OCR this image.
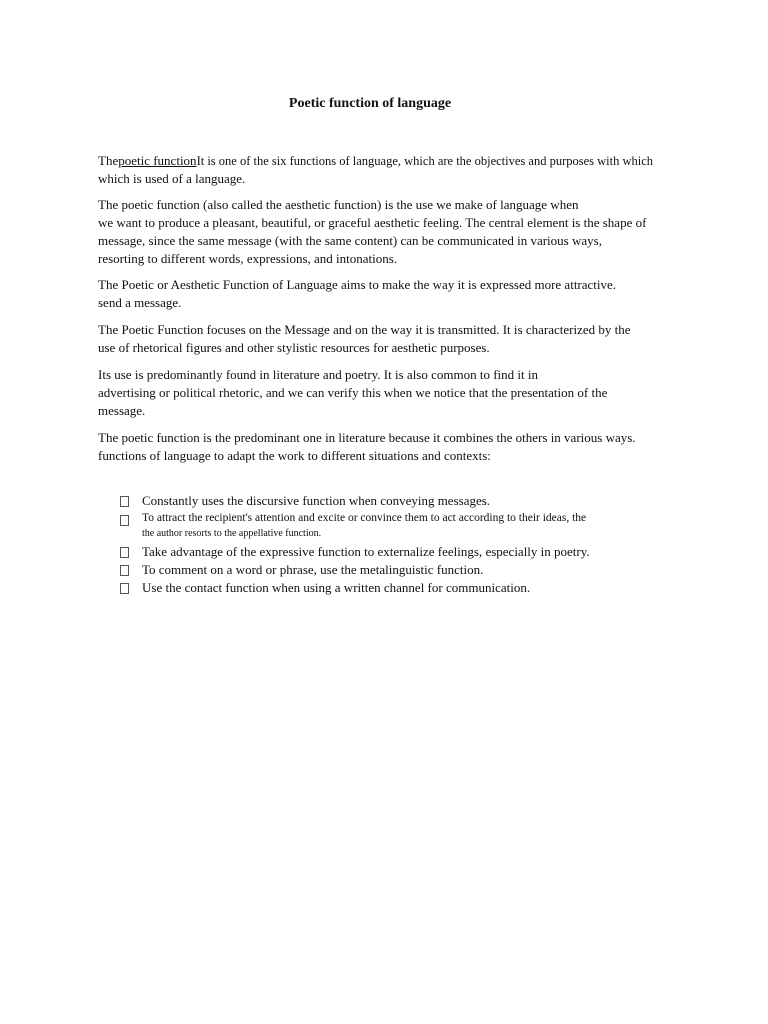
Poetic function of language

Thepoetic functionIt is one of the six functions of language, which are the objectives and purposes with which
which is used of a language.

The poetic function (also called the aesthetic function) is the use we make of language when
we want to produce a pleasant, beautiful, or graceful aesthetic feeling. The central element is the shape of
message, since the same message (with the same content) can be communicated in various ways,
resorting to different words, expressions, and intonations.

The Poetic or Aesthetic Function of Language aims to make the way it is expressed more attractive.
send a message.

The Poetic Function focuses on the Message and on the way it is transmitted. It is characterized by the
use of rhetorical figures and other stylistic resources for aesthetic purposes.

Its use is predominantly found in literature and poetry. It is also common to find it in
advertising or political rhetoric, and we can verify this when we notice that the presentation of the
message.

The poetic function is the predominant one in literature because it combines the others in various ways.
functions of language to adapt the work to different situations and contexts:

Constantly uses the discursive function when conveying messages.
To attract the recipient's attention and excite or convince them to act according to their ideas, the
the author resorts to the appellative function.
Take advantage of the expressive function to externalize feelings, especially in poetry.
To comment on a word or phrase, use the metalinguistic function.
Use the contact function when using a written channel for communication.
